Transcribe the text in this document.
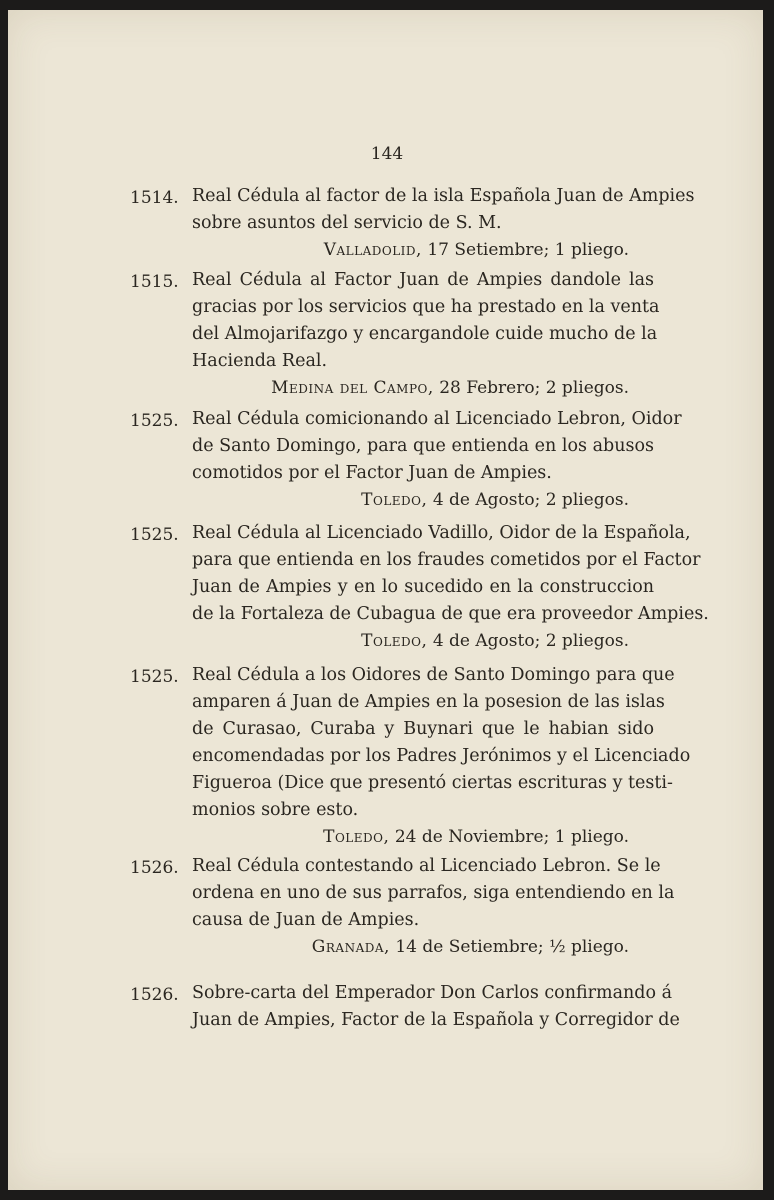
144
1514. Real Cédula al factor de la isla Española Juan de Ampies
sobre asuntos del servicio de S. M.
Valladolid, 17 Setiembre; 1 pliego.
1515. Real Cédula al Factor Juan de Ampies dandole las
gracias por los servicios que ha prestado en la venta
del Almojarifazgo y encargandole cuide mucho de la
Hacienda Real.
Medina del Campo, 28 Febrero; 2 pliegos.
1525. Real Cédula comicionando al Licenciado Lebron, Oidor
de Santo Domingo, para que entienda en los abusos
comotidos por el Factor Juan de Ampies.
Toledo, 4 de Agosto; 2 pliegos.
1525. Real Cédula al Licenciado Vadillo, Oidor de la Española,
para que entienda en los fraudes cometidos por el Factor
Juan de Ampies y en lo sucedido en la construccion
de la Fortaleza de Cubagua de que era proveedor Ampies.
Toledo, 4 de Agosto; 2 pliegos.
1525. Real Cédula a los Oidores de Santo Domingo para que
amparen á Juan de Ampies en la posesion de las islas
de Curasao, Curaba y Buynari que le habian sido
encomendadas por los Padres Jerónimos y el Licenciado
Figueroa (Dice que presentó ciertas escrituras y testi-
monios sobre esto.
Toledo, 24 de Noviembre; 1 pliego.
1526. Real Cédula contestando al Licenciado Lebron. Se le
ordena en uno de sus parrafos, siga entendiendo en la
causa de Juan de Ampies.
Granada, 14 de Setiembre; ½ pliego.
1526. Sobre-carta del Emperador Don Carlos confirmando á
Juan de Ampies, Factor de la Española y Corregidor de
